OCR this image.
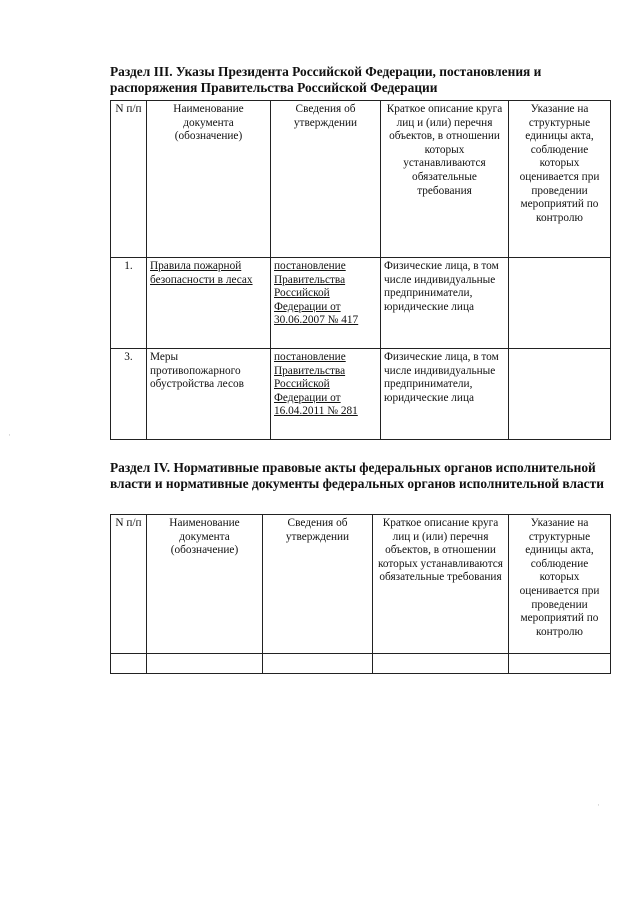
Раздел III. Указы Президента Российской Федерации, постановления и распоряжения Правительства Российской Федерации
N п/п	Наименование документа (обозначение)	Сведения об утверждении	Краткое описание круга лиц и (или) перечня объектов, в отношении которых устанавливаются обязательные требования	Указание на структурные единицы акта, соблюдение которых оценивается при проведении мероприятий по контролю
1.	Правила пожарной безопасности в лесах	постановление Правительства Российской Федерации от 30.06.2007 № 417	Физические лица, в том числе индивидуальные предприниматели, юридические лица	
3.	Меры противопожарного обустройства лесов	постановление Правительства Российской Федерации от 16.04.2011 № 281	Физические лица, в том числе индивидуальные предприниматели, юридические лица	
Раздел IV. Нормативные правовые акты федеральных органов исполнительной власти и нормативные документы федеральных органов исполнительной власти
N п/п	Наименование документа (обозначение)	Сведения об утверждении	Краткое описание круга лиц и (или) перечня объектов, в отношении которых устанавливаются обязательные требования	Указание на структурные единицы акта, соблюдение которых оценивается при проведении мероприятий по контролю

·
·
